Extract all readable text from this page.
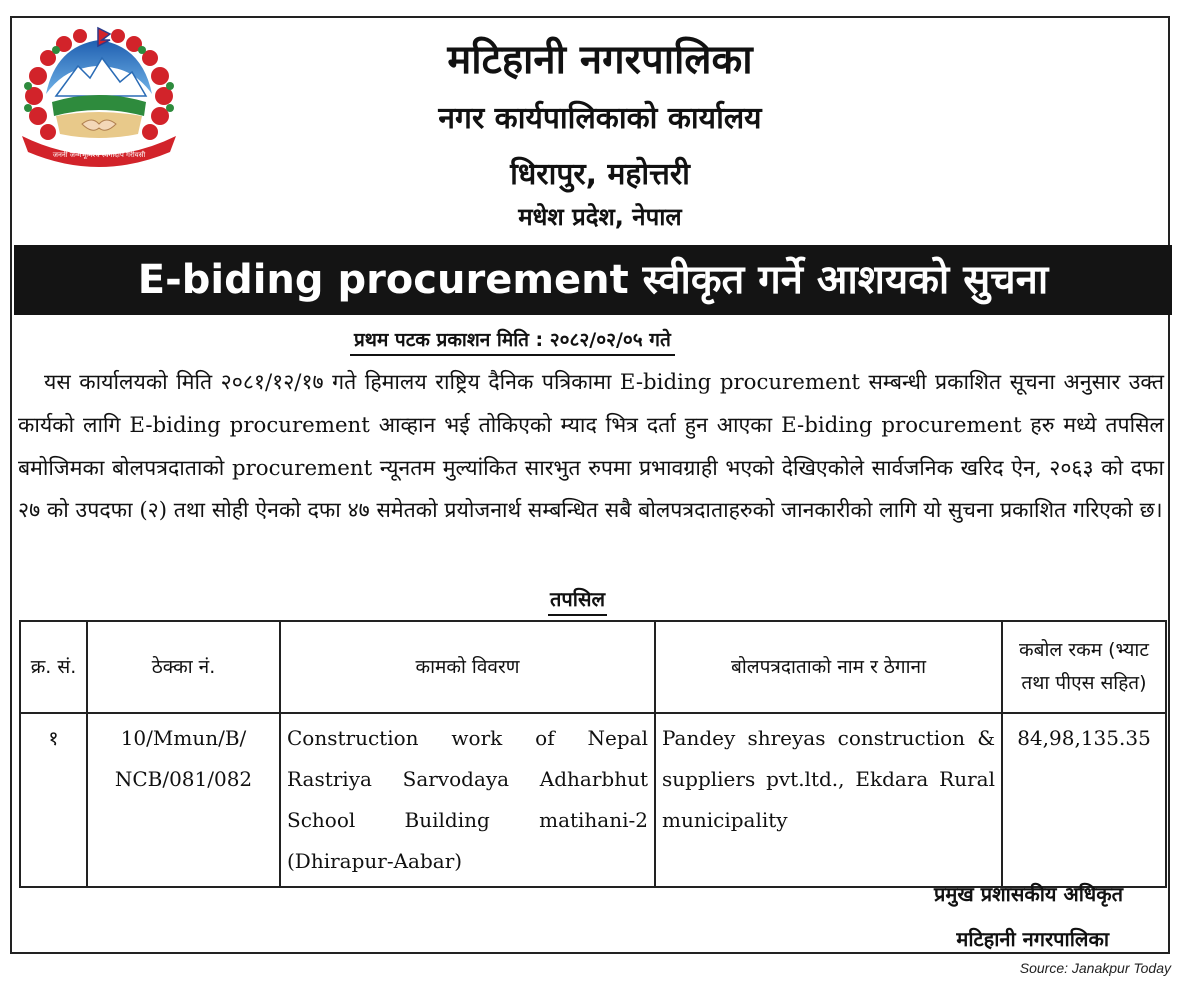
जननी जन्मभूमिश्च स्वर्गादपि गरीयसी
मटिहानी नगरपालिका
नगर कार्यपालिकाको कार्यालय
धिरापुर, महोत्तरी
मधेश प्रदेश, नेपाल
E-biding procurement स्वीकृत गर्ने आशयको सुचना
प्रथम पटक प्रकाशन मिति : २०८२/०२/०५ गते
यस कार्यालयको मिति २०८१/१२/१७ गते हिमालय राष्ट्रिय दैनिक पत्रिकामा E-biding procurement सम्बन्धी प्रकाशित सूचना अनुसार उक्त कार्यको लागि E-biding procurement आव्हान भई तोकिएको म्याद भित्र दर्ता हुन आएका E-biding procurement हरु मध्ये तपसिल बमोजिमका बोलपत्रदाताको procurement न्यूनतम मुल्यांकित सारभुत रुपमा प्रभावग्राही भएको देखिएकोले सार्वजनिक खरिद ऐन, २०६३ को दफा २७ को उपदफा (२) तथा सोही ऐनको दफा ४७ समेतको प्रयोजनार्थ सम्बन्धित सबै बोलपत्रदाताहरुको जानकारीको लागि यो सुचना प्रकाशित गरिएको छ।
तपसिल
क्र. सं.	ठेक्का नं.	कामको विवरण	बोलपत्रदाताको नाम र ठेगाना	कबोल रकम (भ्याट तथा पीएस सहित)
१	10/Mmun/B/ NCB/081/082	Construction work of Nepal Rastriya Sarvodaya Adharbhut School Building matihani-2 (Dhirapur-Aabar)	Pandey shreyas construction & suppliers pvt.ltd., Ekdara Rural municipality	84,98,135.35
प्रमुख प्रशासकीय अधिकृत
मटिहानी नगरपालिका
Source: Janakpur Today
